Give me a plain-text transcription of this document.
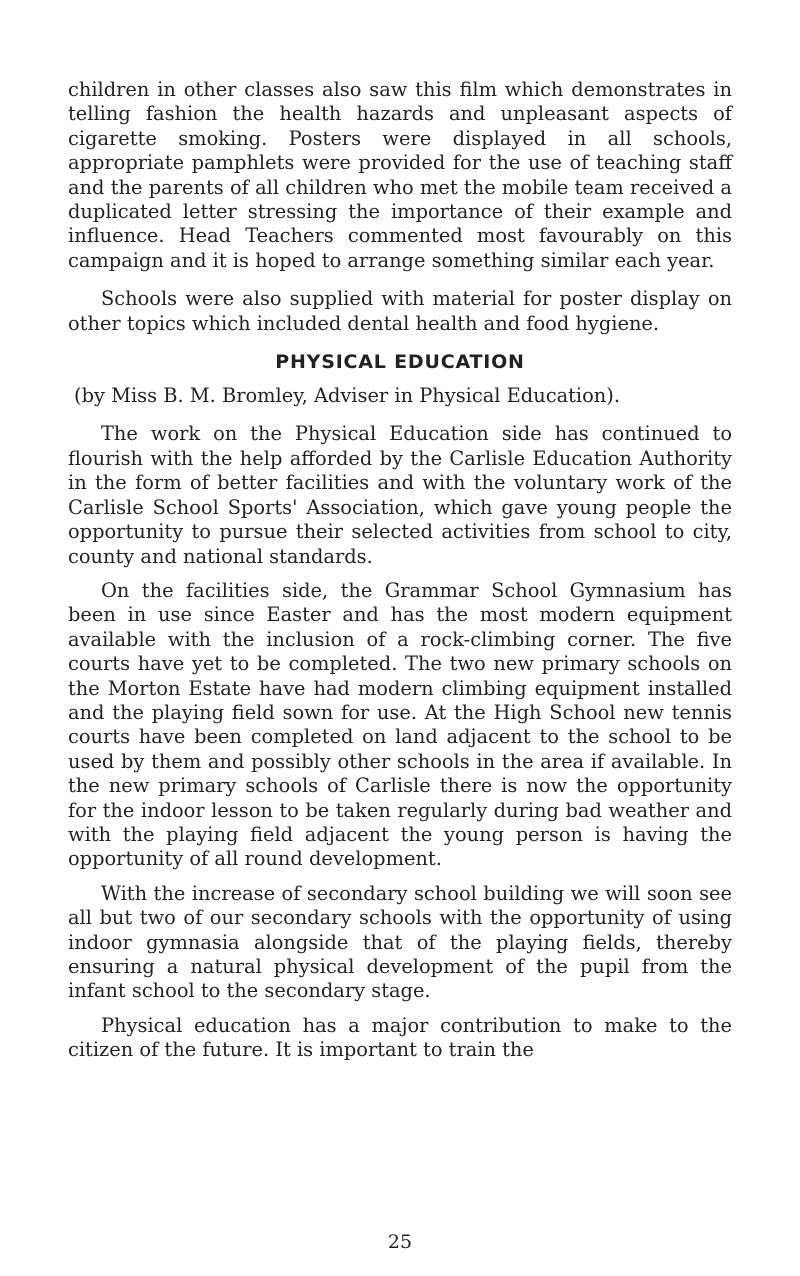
children in other classes also saw this film which demonstrates in telling fashion the health hazards and unpleasant aspects of cigarette smoking. Posters were displayed in all schools, appropriate pamphlets were provided for the use of teaching staff and the parents of all children who met the mobile team received a duplicated letter stressing the importance of their example and influence. Head Teachers commented most favourably on this campaign and it is hoped to arrange something similar each year.

Schools were also supplied with material for poster display on other topics which included dental health and food hygiene.

PHYSICAL EDUCATION

(by Miss B. M. Bromley, Adviser in Physical Education).

The work on the Physical Education side has continued to flourish with the help afforded by the Carlisle Education Authority in the form of better facilities and with the voluntary work of the Carlisle School Sports' Association, which gave young people the opportunity to pursue their selected activities from school to city, county and national standards.

On the facilities side, the Grammar School Gymnasium has been in use since Easter and has the most modern equipment available with the inclusion of a rock-climbing corner. The five courts have yet to be completed. The two new primary schools on the Morton Estate have had modern climbing equipment installed and the playing field sown for use. At the High School new tennis courts have been completed on land adjacent to the school to be used by them and possibly other schools in the area if available. In the new primary schools of Carlisle there is now the opportunity for the indoor lesson to be taken regularly during bad weather and with the playing field adjacent the young person is having the opportunity of all round development.

With the increase of secondary school building we will soon see all but two of our secondary schools with the opportunity of using indoor gymnasia alongside that of the playing fields, thereby ensuring a natural physical development of the pupil from the infant school to the secondary stage.

Physical education has a major contribution to make to the citizen of the future. It is important to train the

25
